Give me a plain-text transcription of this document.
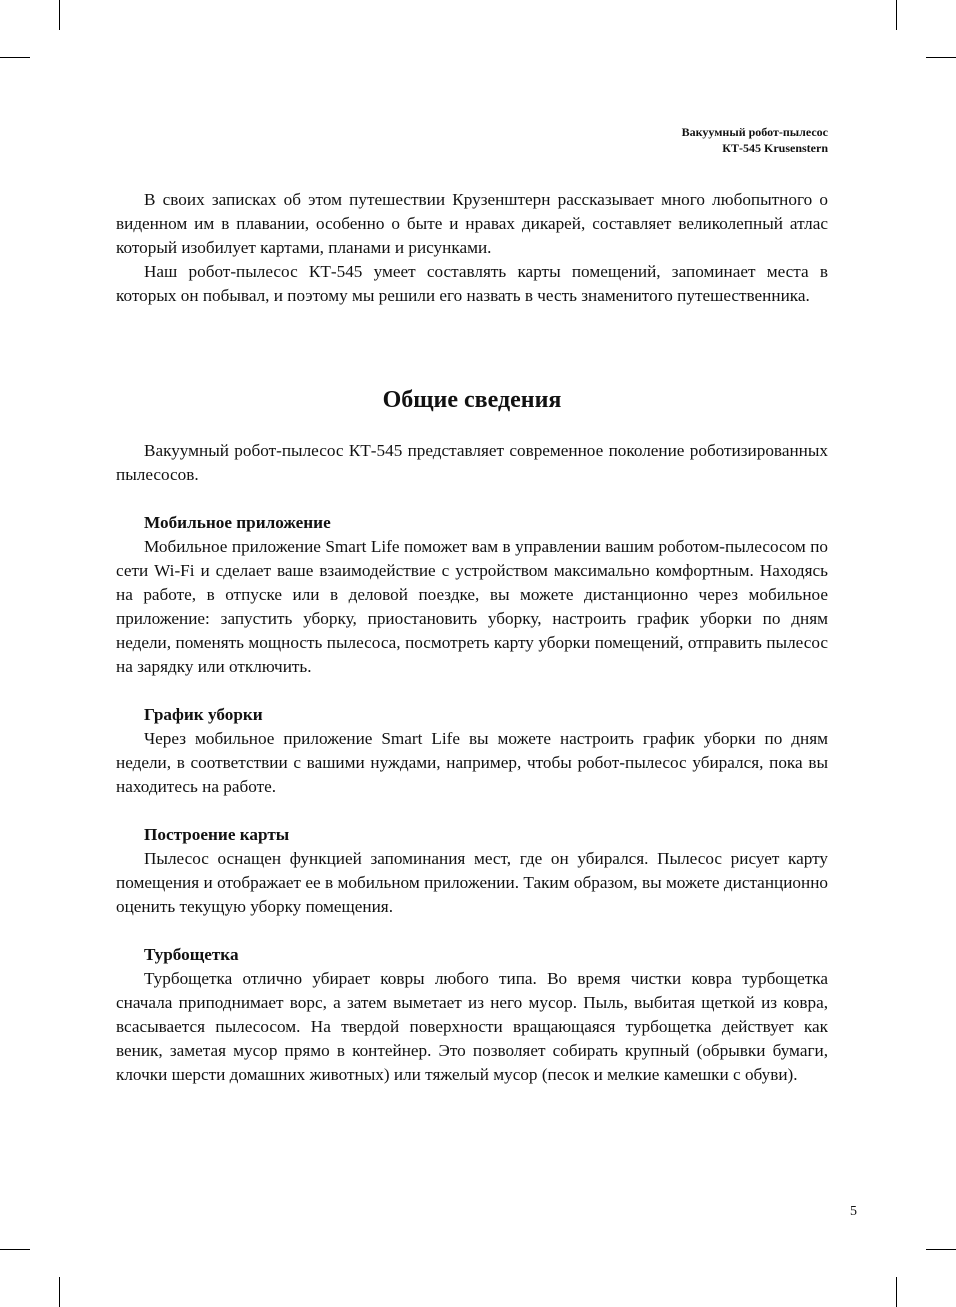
Вакуумный робот-пылесос
КТ-545 Krusenstern

В своих записках об этом путешествии Крузенштерн рассказывает много любопытного о виденном им в плавании, особенно о быте и нравах дикарей, составляет великолепный атлас который изобилует картами, планами и рисунками.

Наш робот-пылесос КТ-545 умеет составлять карты помещений, запоминает места в которых он побывал, и поэтому мы решили его назвать в честь знаменитого путешественника.

Общие сведения

Вакуумный робот-пылесос КТ-545 представляет современное поколение роботизированных пылесосов.

Мобильное приложение

Мобильное приложение Smart Life поможет вам в управлении вашим роботом-пылесосом по сети Wi-Fi и сделает ваше взаимодействие с устройством максимально комфортным. Находясь на работе, в отпуске или в деловой поездке, вы можете дистанционно через мобильное приложение: запустить уборку, приостановить уборку, настроить график уборки по дням недели, поменять мощность пылесоса, посмотреть карту уборки помещений, отправить пылесос на зарядку или отключить.

График уборки

Через мобильное приложение Smart Life вы можете настроить график уборки по дням недели, в соответствии с вашими нуждами, например, чтобы робот-пылесос убирался, пока вы находитесь на работе.

Построение карты

Пылесос оснащен функцией запоминания мест, где он убирался. Пылесос рисует карту помещения и отображает ее в мобильном приложении. Таким образом, вы можете дистанционно оценить текущую уборку помещения.

Турбощетка

Турбощетка отлично убирает ковры любого типа. Во время чистки ковра турбощетка сначала приподнимает ворс, а затем выметает из него мусор. Пыль, выбитая щеткой из ковра, всасывается пылесосом. На твердой поверхности вращающаяся турбощетка действует как веник, заметая мусор прямо в контейнер. Это позволяет собирать крупный (обрывки бумаги, клочки шерсти домашних животных) или тяжелый мусор (песок и мелкие камешки с обуви).

5
